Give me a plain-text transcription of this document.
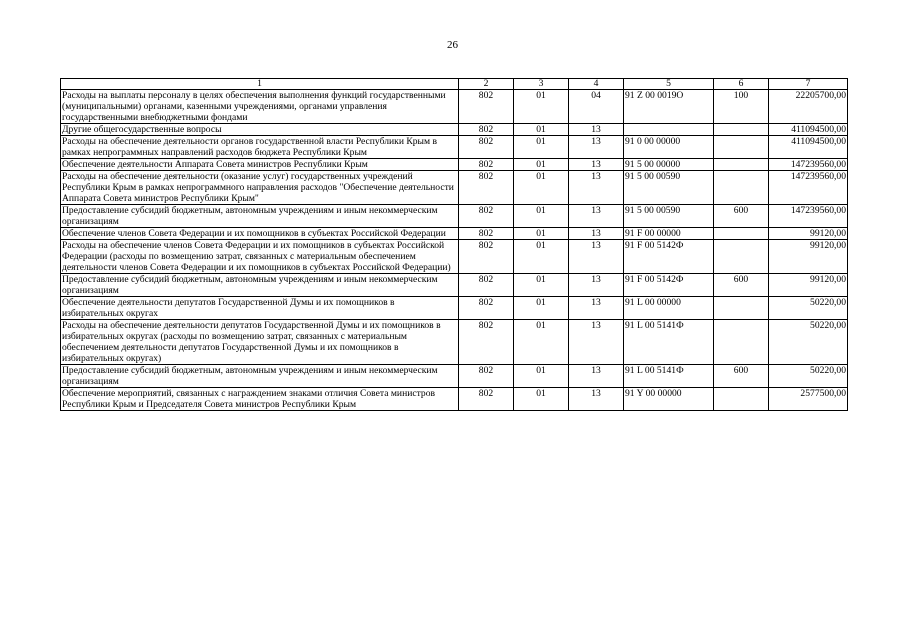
26
1	2	3	4	5	6	7
Расходы на выплаты персоналу в целях обеспечения выполнения функций государственными (муниципальными) органами, казенными учреждениями, органами управления государственными внебюджетными фондами	802	01	04	91 Z 00 0019О	100	22205700,00
Другие общегосударственные вопросы	802	01	13			411094500,00
Расходы на обеспечение деятельности органов государственной власти Республики Крым в рамках непрограммных направлений расходов бюджета Республики Крым	802	01	13	91 0 00 00000		411094500,00
Обеспечение деятельности Аппарата Совета министров Республики Крым	802	01	13	91 5 00 00000		147239560,00
Расходы на обеспечение деятельности (оказание услуг) государственных учреждений Республики Крым в рамках непрограммного направления расходов "Обеспечение деятельности Аппарата Совета министров Республики Крым"	802	01	13	91 5 00 00590		147239560,00
Предоставление субсидий бюджетным, автономным учреждениям и иным некоммерческим организациям	802	01	13	91 5 00 00590	600	147239560,00
Обеспечение членов Совета Федерации и их помощников в субъектах Российской Федерации	802	01	13	91 F 00 00000		99120,00
Расходы на обеспечение членов Совета Федерации и их помощников в субъектах Российской Федерации (расходы по возмещению затрат, связанных с материальным обеспечением деятельности членов Совета Федерации и их помощников в субъектах Российской Федерации)	802	01	13	91 F 00 5142Ф		99120,00
Предоставление субсидий бюджетным, автономным учреждениям и иным некоммерческим организациям	802	01	13	91 F 00 5142Ф	600	99120,00
Обеспечение деятельности депутатов Государственной Думы и их помощников в избирательных округах	802	01	13	91 L 00 00000		50220,00
Расходы на обеспечение деятельности депутатов Государственной Думы и их помощников в избирательных округах (расходы по возмещению затрат, связанных с материальным обеспечением деятельности депутатов Государственной Думы и их помощников в избирательных округах)	802	01	13	91 L 00 5141Ф		50220,00
Предоставление субсидий бюджетным, автономным учреждениям и иным некоммерческим организациям	802	01	13	91 L 00 5141Ф	600	50220,00
Обеспечение мероприятий, связанных с награждением знаками отличия Совета министров Республики Крым и Председателя Совета министров Республики Крым	802	01	13	91 Y 00 00000		2577500,00
